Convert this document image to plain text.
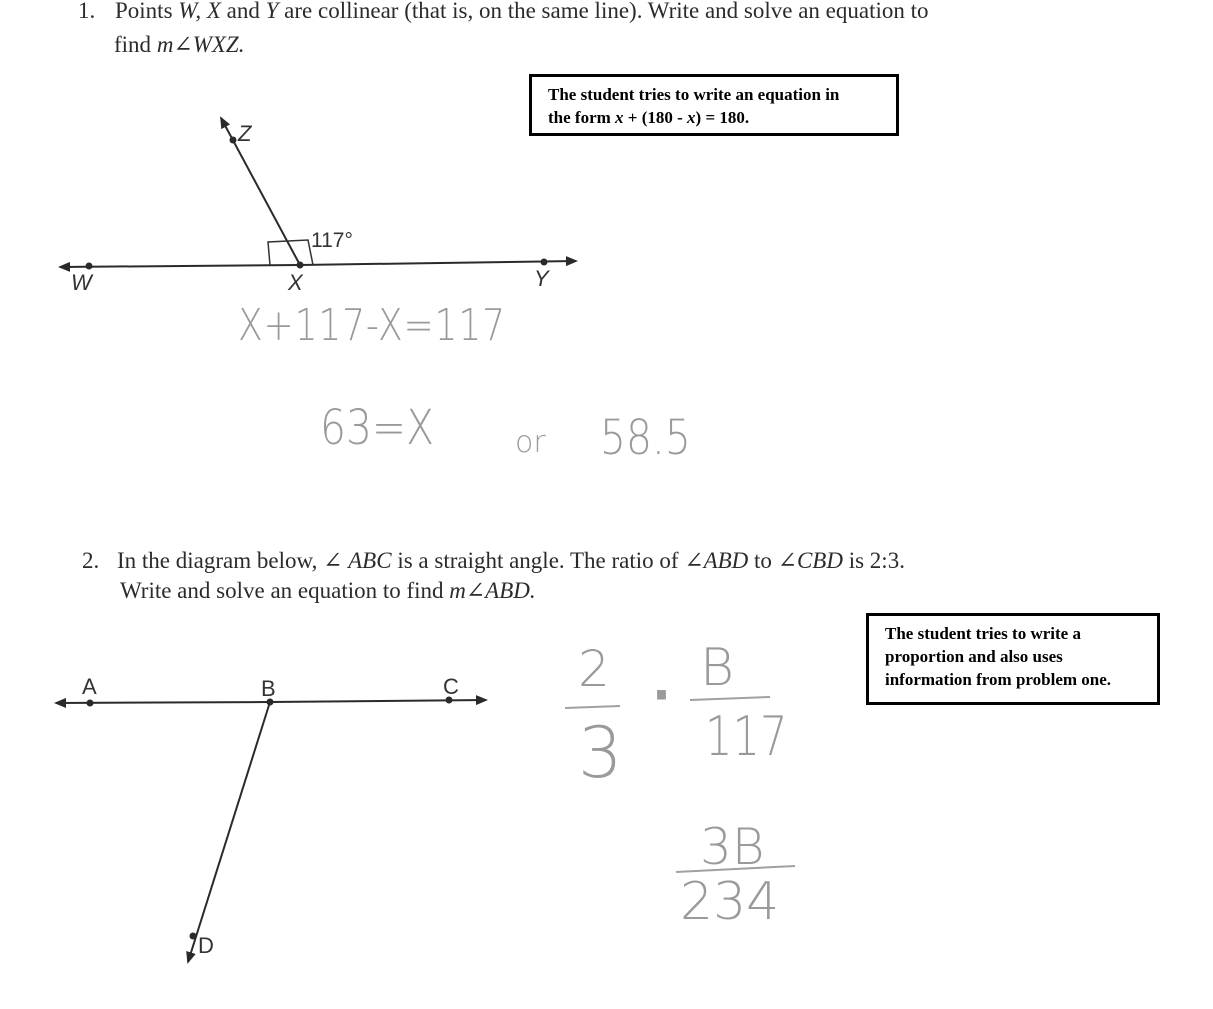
1. Points W, X and Y are collinear (that is, on the same line). Write and solve an equation to
find m∠WXZ.
The student tries to write an equation in
the form x + (180 - x) = 180.
Z
117°
W	X	Y
X+117-X=117
63=X	or 58.5
2. In the diagram below, ∠ ABC is a straight angle. The ratio of ∠ABD to ∠CBD is 2:3.
Write and solve an equation to find m∠ABD.
The student tries to write a
proportion and also uses
information from problem one.
A	B	C
D
2
3
· B
117
3B
234
